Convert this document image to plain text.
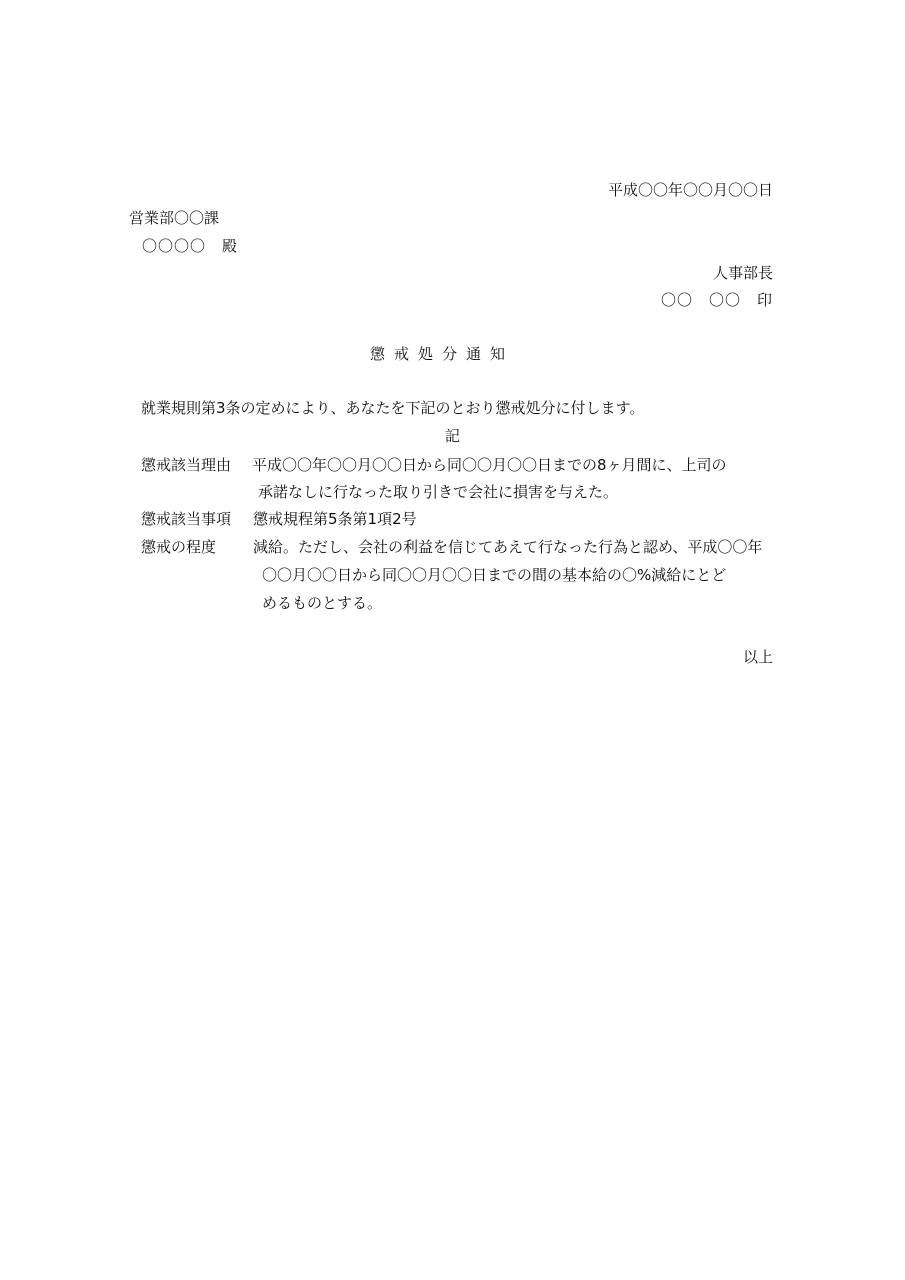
平成〇〇年〇〇月〇〇日
営業部〇〇課
〇〇〇〇　殿
人事部長
〇〇　〇〇　印
懲戒処分通知
就業規則第3条の定めにより、あなたを下記のとおり懲戒処分に付します。
記
懲戒該当理由	平成〇〇年〇〇月〇〇日から同〇〇月〇〇日までの8ヶ月間に、上司の
承諾なしに行なった取り引きで会社に損害を与えた。
懲戒該当事項	懲戒規程第5条第1項2号
懲戒の程度	減給。ただし、会社の利益を信じてあえて行なった行為と認め、平成〇〇年
〇〇月〇〇日から同〇〇月〇〇日までの間の基本給の〇%減給にとど
めるものとする。
以上
